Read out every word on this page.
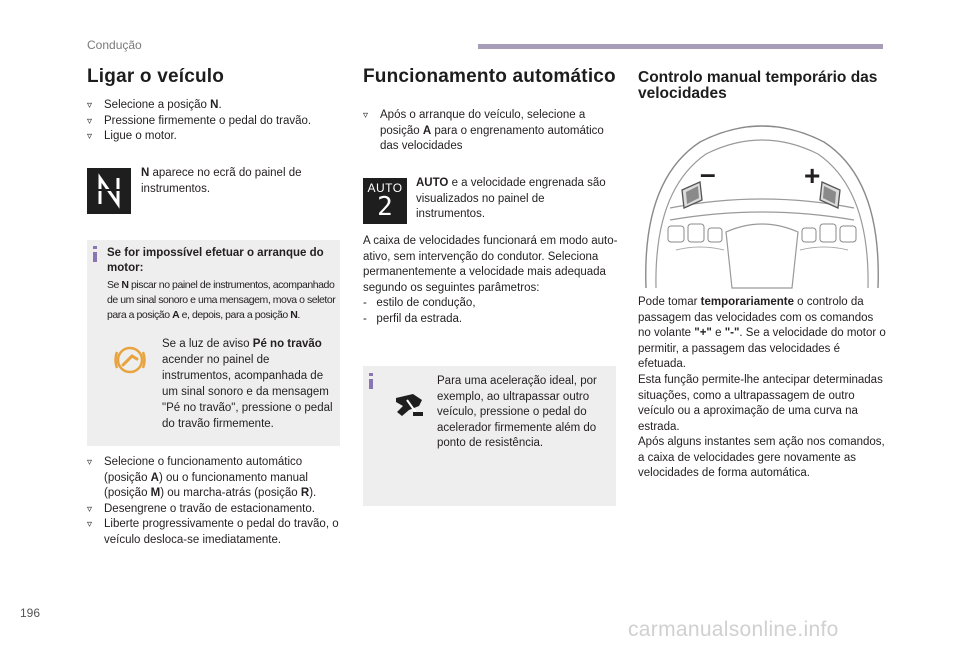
Condução
Ligar o veículo
▿ Selecione a posição N.
▿ Pressione firmemente o pedal do travão.
▿ Ligue o motor.
N aparece no ecrã do painel de instrumentos.
Se for impossível efetuar o arranque do motor:
Se N piscar no painel de instrumentos, acompanhado de um sinal sonoro e uma mensagem, mova o seletor para a posição A e, depois, para a posição N.
Se a luz de aviso Pé no travão acender no painel de instrumentos, acompanhada de um sinal sonoro e da mensagem "Pé no travão", pressione o pedal do travão firmemente.
▿ Selecione o funcionamento automático (posição A) ou o funcionamento manual (posição M) ou marcha-atrás (posição R).
▿ Desengrene o travão de estacionamento.
▿ Liberte progressivamente o pedal do travão, o veículo desloca-se imediatamente.
Funcionamento automático
▿ Após o arranque do veículo, selecione a posição A para o engrenamento automático das velocidades
AUTO
2
AUTO e a velocidade engrenada são visualizados no painel de instrumentos.
A caixa de velocidades funcionará em modo auto-ativo, sem intervenção do condutor. Seleciona permanentemente a velocidade mais adequada segundo os seguintes parâmetros:
-   estilo de condução,
-   perfil da estrada.
Para uma aceleração ideal, por exemplo, ao ultrapassar outro veículo, pressione o pedal do acelerador firmemente além do ponto de resistência.
Controlo manual temporário das velocidades
–	+
Pode tomar temporariamente o controlo da passagem das velocidades com os comandos no volante "+" e "-". Se a velocidade do motor o permitir, a passagem das velocidades é efetuada.
Esta função permite-lhe antecipar determinadas situações, como a ultrapassagem de outro veículo ou a aproximação de uma curva na estrada.
Após alguns instantes sem ação nos comandos, a caixa de velocidades gere novamente as velocidades de forma automática.
196
carmanualsonline.info
